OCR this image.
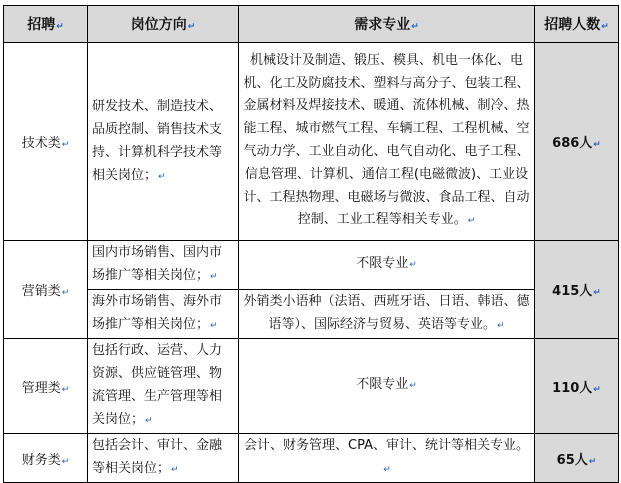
招聘↵	岗位方向↵	需求专业↵	招聘人数↵
技术类↵	研发技术、制造技术、品质控制、销售技术支持、计算机科学技术等相关岗位；↵	机械设计及制造、锻压、模具、机电一体化、电机、化工及防腐技术、塑料与高分子、包装工程、金属材料及焊接技术、暖通、流体机械、制冷、热能工程、城市燃气工程、车辆工程、工程机械、空气动力学、工业自动化、电气自动化、电子工程、信息管理、计算机、通信工程(电磁微波)、工业设计、工程热物理、电磁场与微波、食品工程、自动控制、工业工程等相关专业。↵	686人↵
营销类↵	国内市场销售、国内市场推广等相关岗位；↵	不限专业↵	415人↵
	海外市场销售、海外市场推广等相关岗位；↵	外销类小语种（法语、西班牙语、日语、韩语、德语等）、国际经济与贸易、英语等专业。↵	
管理类↵	包括行政、运营、人力资源、供应链管理、物流管理、生产管理等相关岗位；↵	不限专业↵	110人↵
财务类↵	包括会计、审计、金融等相关岗位；↵	会计、财务管理、CPA、审计、统计等相关专业。↵	65人↵
